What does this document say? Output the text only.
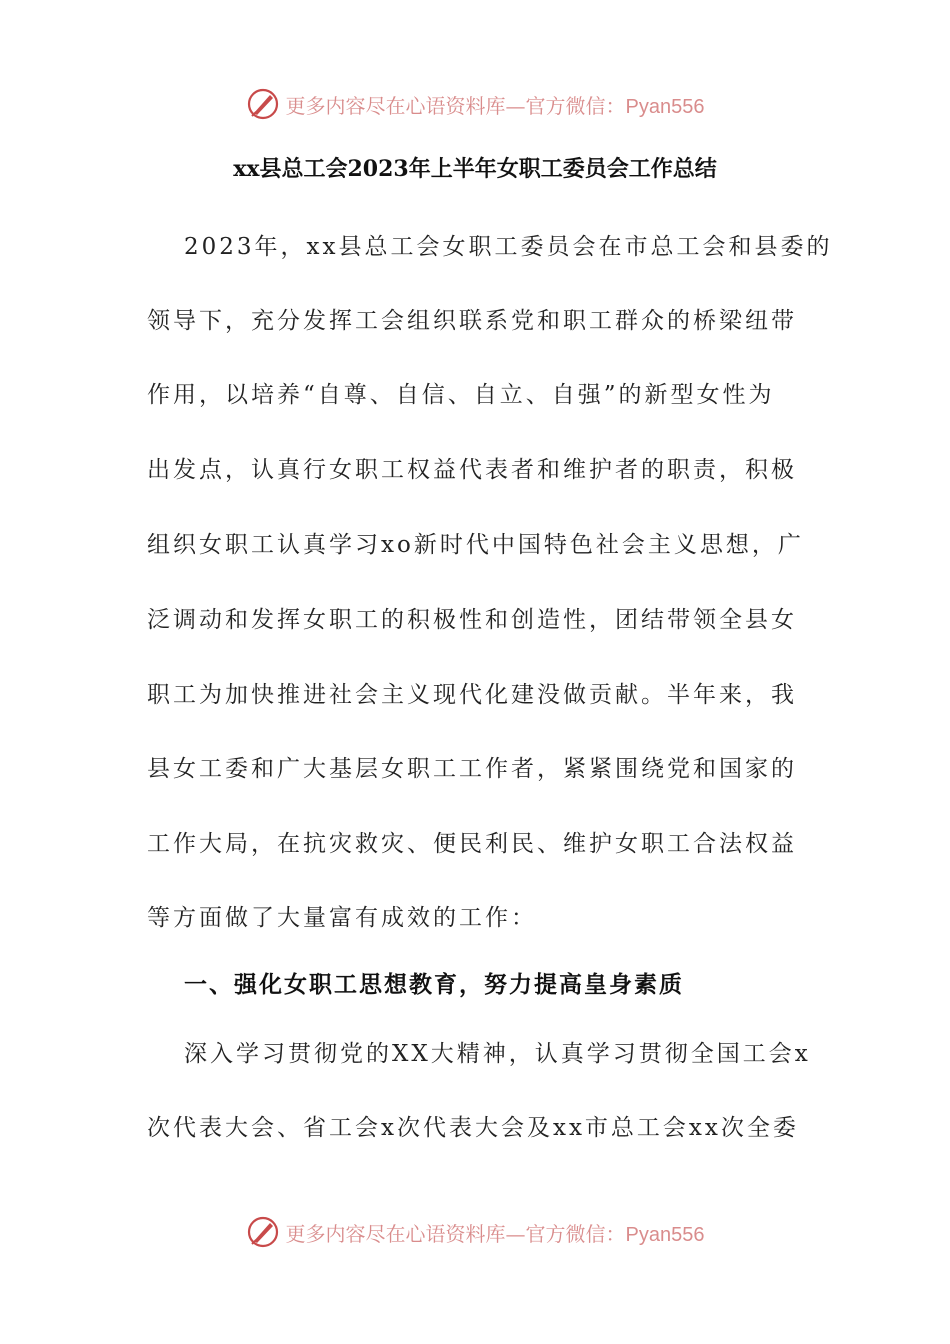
更多内容尽在心语资料库—官方微信：Pyan556
xx县总工会2023年上半年女职工委员会工作总结
2023年，xx县总工会女职工委员会在市总工会和县委的
领导下，充分发挥工会组织联系党和职工群众的桥梁纽带
作用，以培养“自尊、自信、自立、自强”的新型女性为
出发点，认真行女职工权益代表者和维护者的职责，积极
组织女职工认真学习xo新时代中国特色社会主义思想，广
泛调动和发挥女职工的积极性和创造性，团结带领全县女
职工为加快推进社会主义现代化建没做贡献。半年来，我
县女工委和广大基层女职工工作者，紧紧围绕党和国家的
工作大局，在抗灾救灾、便民利民、维护女职工合法权益
等方面做了大量富有成效的工作：
一、强化女职工思想教育，努力提高皇身素质
深入学习贯彻党的XX大精神，认真学习贯彻全国工会x
次代表大会、省工会x次代表大会及xx市总工会xx次全委
更多内容尽在心语资料库—官方微信：Pyan556
